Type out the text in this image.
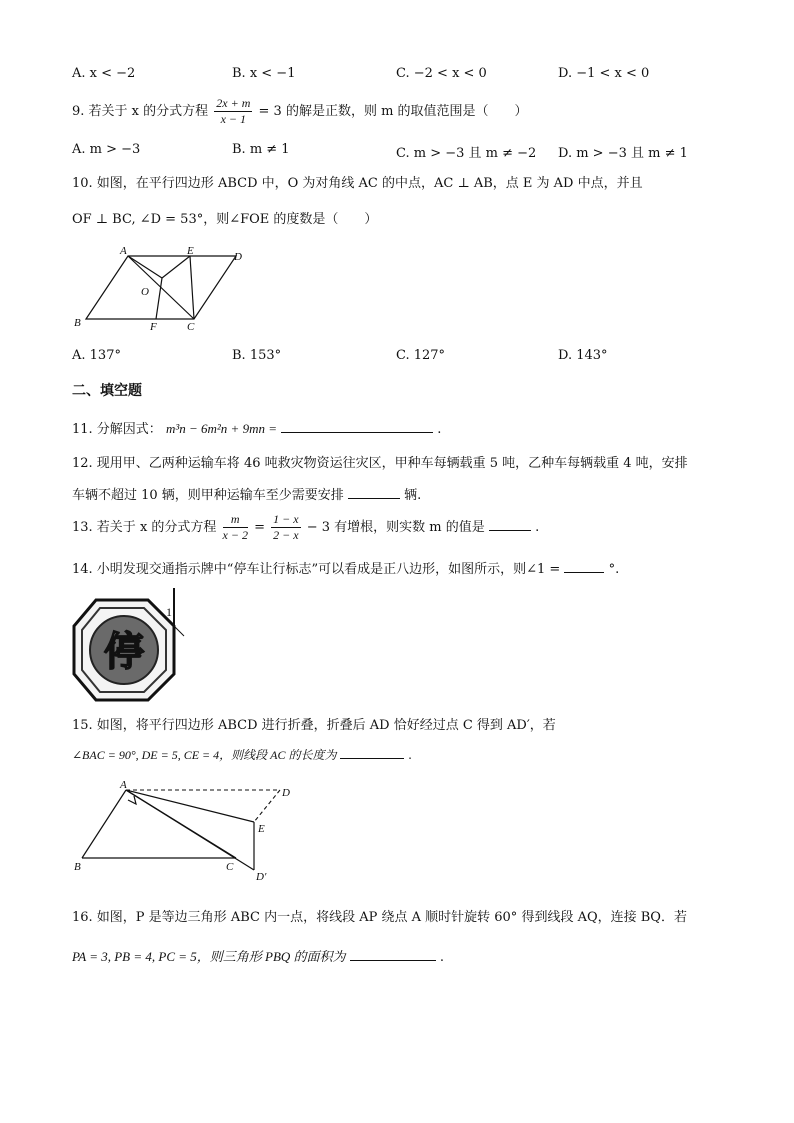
A. x < −2	B. x < −1	C. −2 < x < 0	D. −1 < x < 0
9. 若关于 x 的分式方程 $\frac{2x + m}{x - 1} = 3$ 的解是正数，则 m 的取值范围是（　　）
A. m > −3	B. m ≠ 1	C. m > −3 且 m ≠ −2 D. m > −3 且 m ≠ 1
10. 如图，在平行四边形 ABCD 中，O 为对角线 AC 的中点，AC ⊥ AB，点 E 为 AD 中点，并且
OF ⊥ BC, ∠D = 53°，则∠FOE 的度数是（　　）
A
B	C
D
E
F
O
A. 137°	B. 153°	C. 127°	D. 143°
二、填空题
11. 分解因式： m³n − 6m²n + 9mn =	.
12. 现用甲、乙两种运输车将 46 吨救灾物资运往灾区，甲种车每辆载重 5 吨，乙种车每辆载重 4 吨，安排
车辆不超过 10 辆，则甲种运输车至少需要安排	辆.
13. 若关于 x 的分式方程 $\frac{m}{x - 2} = \frac{1 - x}{2 - x} - 3$ 有增根，则实数 m 的值是	.
14. 小明发现交通指示牌中“停车让行标志”可以看成是正八边形，如图所示，则∠1 =	°.
停
1
15. 如图，将平行四边形 ABCD 进行折叠，折叠后 AD 恰好经过点 C 得到 AD′，若
∠BAC = 90°, DE = 5, CE = 4，则线段 AC 的长度为	.
A
B	C
D
E
D′
16. 如图，P 是等边三角形 ABC 内一点，将线段 AP 绕点 A 顺时针旋转 60° 得到线段 AQ，连接 BQ．若
PA = 3, PB = 4, PC = 5，则三角形 PBQ 的面积为	.
